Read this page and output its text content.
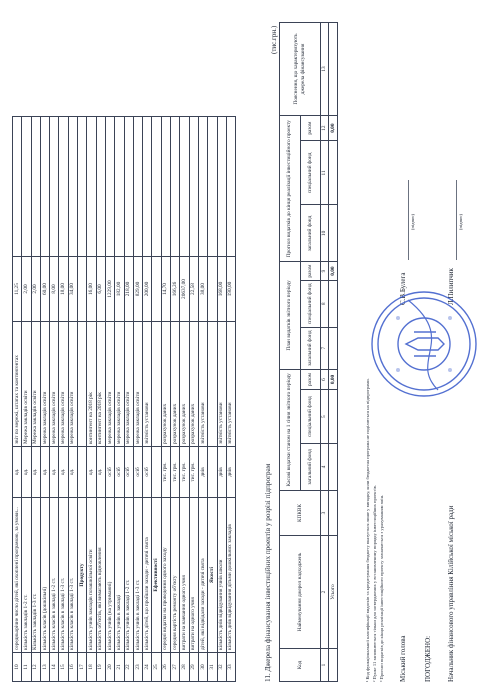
10	середньорічне число дітей, які охоплені програмою, за умови...	од.	звіт по мережі, штатах та контингентах	11,25	
11	кількість закладів 1-2 ст.	од.	Мережа закладів освіти	2,00	
12	Кількість закладів 1-3 ст.	од.	Мережа закладів освіти	2,00	
13	кількість класів (дошкільні)	од.	мережа закладів освіти	60,00	
14	кількість класів в закладі 1-2 ст.	од.	мережа закладів освіти	8,00	
15	кількість класів в закладі 1-3 ст.	од.	мережа закладів освіти	18,00	
16	кількість класів в закладі 1-3 ст.	од.	мережа закладів освіти	34,00	
17	Продукту				
18	кількість учнів закладів позашкільної освіти	од.	контингент на 2018 рік	16,00	
19	кількість об'єктів, які вимагають відновлення	од.	контингент на 2018 рік	6,00	
20	кількість учнів (на утриманні)	осіб	мережа закладів освіти	1229,00	
21	кількість учнів в закладі	осіб	мережа закладів освіти	182,00	
22	кількість учнів в закладі 1-2 ст.	осіб	мережа закладів освіти	218,00	
23	кількість учнів в закладі 1-3 ст.	осіб	мережа закладів освіти	829,00	
24	кількість дітей, що пройшли заходи - дитячі свята	осіб	звітність установи	200,00	
25	Ефективності				
26	середні видатки на проведення одного заходу	тис. грн.	розрахунок даних	14,70	
27	середня вартість ремонту об'єкту	тис. грн.	розрахунок даних	166,26	
28	витрати на навчання одного учня	тис. грн.	розрахунок даних	20637,00	
29	витрати на одного учня	тис. грн.	розрахунок даних	22,58	
30	дітей, які відвідали заходи - дитячі свята	днів	звітність установи	38,00	
31	Якості				
32	кількість днів відвідування учнів школи	днів	звітність установи	168,00	
33	кількість днів відвідування дітьми дошкільних закладів	днів	звітність установи	190,00	
11. Джерела фінансування інвестиційних проектів у розрізі підпрограм
(тис.грн.)
Код	Найменування джерел надходжень	КПКВК	Касові видатки станом на 1 січня звітного періоду			План видатків звітного періоду			Прогноз видатків до кінця реалізації інвестиційного проекту			Пояснення, що характеризують джерела фінансування
			загальний фонд	спеціальний фонд	разом	загальний фонд	спеціальний фонд	разом	загальний фонд	спеціальний фонд	разом	
1	2	3	4	5	6	7	8	9	10	11	12	13
	Усього				0,00			0,00			0,00	
¹ Код функціональної класифікації видатків та кредитування бюджету вказується лише у випадку, коли бюджетна програма не поділяється на підпрограми. ² Пункт 11 заповнюється тільки для затверджених у встановленому порядку інвестиційних проектів. ³ Прогноз видатків до кінця реалізації інвестиційного проекту зазначається з урахуванням змін. Міський голова
(підпис)
С.В.Булега
ПОГОДЖЕНО: Начальник фінансового управління Кілійської міської ради
(підпис)
Л.Пилипчик
